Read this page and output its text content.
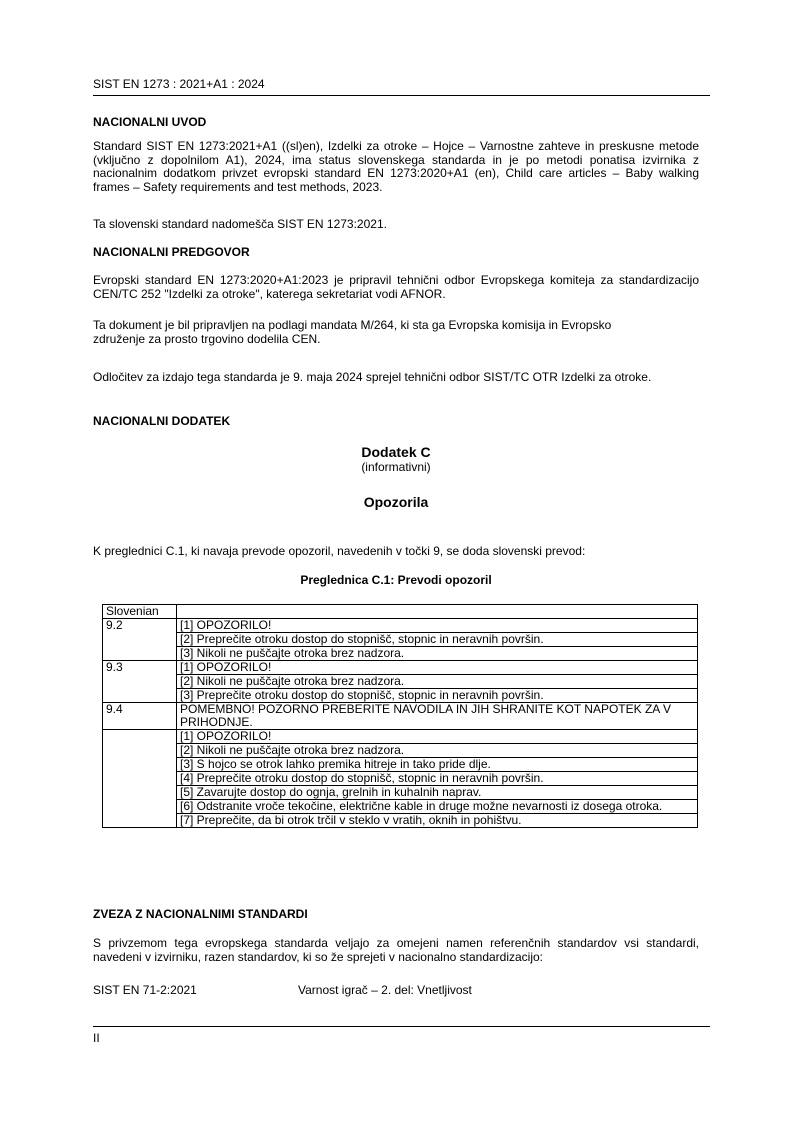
SIST EN 1273 : 2021+A1 : 2024
NACIONALNI UVOD
Standard SIST EN 1273:2021+A1 ((sl)en), Izdelki za otroke – Hojce – Varnostne zahteve in preskusne metode (vključno z dopolnilom A1), 2024, ima status slovenskega standarda in je po metodi ponatisa izvirnika z nacionalnim dodatkom privzet evropski standard EN 1273:2020+A1 (en), Child care articles – Baby walking frames – Safety requirements and test methods, 2023.
Ta slovenski standard nadomešča SIST EN 1273:2021.
NACIONALNI PREDGOVOR
Evropski standard EN 1273:2020+A1:2023 je pripravil tehnični odbor Evropskega komiteja za standardizacijo CEN/TC 252 "Izdelki za otroke", katerega sekretariat vodi AFNOR.
Ta dokument je bil pripravljen na podlagi mandata M/264, ki sta ga Evropska komisija in Evropsko združenje za prosto trgovino dodelila CEN.
Odločitev za izdajo tega standarda je 9. maja 2024 sprejel tehnični odbor SIST/TC OTR Izdelki za otroke.
NACIONALNI DODATEK
Dodatek C
(informativni)
Opozorila
K preglednici C.1, ki navaja prevode opozoril, navedenih v točki 9, se doda slovenski prevod:
Preglednica C.1: Prevodi opozoril
Slovenian	
9.2	[1] OPOZORILO!
	[2] Preprečite otroku dostop do stopnišč, stopnic in neravnih površin.
	[3] Nikoli ne puščajte otroka brez nadzora.
9.3	[1] OPOZORILO!
	[2] Nikoli ne puščajte otroka brez nadzora.
	[3] Preprečite otroku dostop do stopnišč, stopnic in neravnih površin.
9.4	POMEMBNO! POZORNO PREBERITE NAVODILA IN JIH SHRANITE KOT NAPOTEK ZA V PRIHODNJE.
	[1] OPOZORILO!
	[2] Nikoli ne puščajte otroka brez nadzora.
	[3] S hojco se otrok lahko premika hitreje in tako pride dlje.
	[4] Preprečite otroku dostop do stopnišč, stopnic in neravnih površin.
	[5] Zavarujte dostop do ognja, grelnih in kuhalnih naprav.
	[6] Odstranite vroče tekočine, električne kable in druge možne nevarnosti iz dosega otroka.
	[7] Preprečite, da bi otrok trčil v steklo v vratih, oknih in pohištvu.
ZVEZA Z NACIONALNIMI STANDARDI
S privzemom tega evropskega standarda veljajo za omejeni namen referenčnih standardov vsi standardi, navedeni v izvirniku, razen standardov, ki so že sprejeti v nacionalno standardizacijo:
SIST EN 71-2:2021	Varnost igrač – 2. del: Vnetljivost
II
